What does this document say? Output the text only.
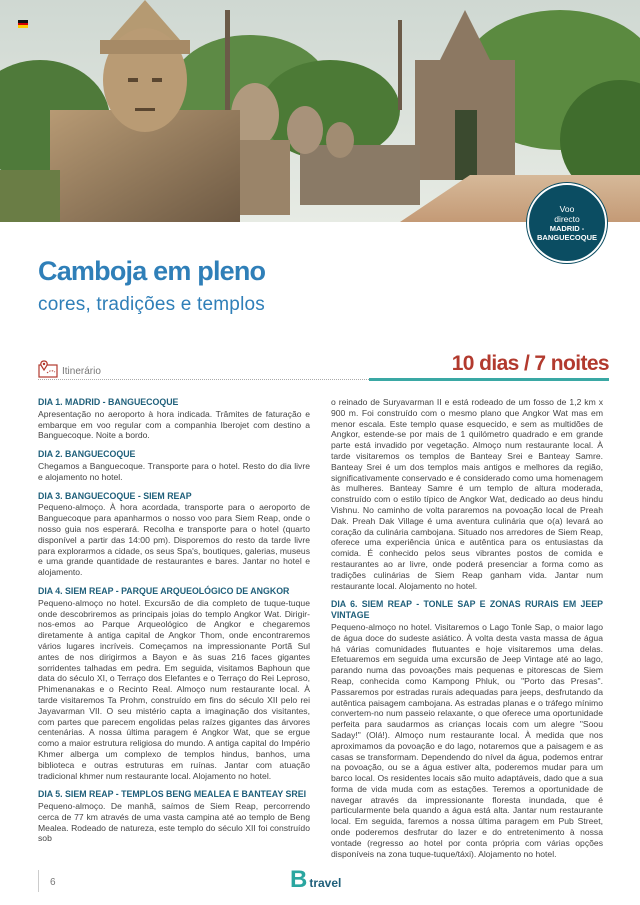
Voo
directo
MADRID -
BANGUECOQUE
Camboja em pleno
cores, tradições e templos
Itinerário	10 dias / 7 noites
DIA 1. MADRID - BANGUECOQUE

Apresentação no aeroporto à hora indicada. Trâmites de faturação e embarque em voo regular com a companhia Iberojet com destino a Banguecoque. Noite a bordo.

DIA 2. BANGUECOQUE

Chegamos a Banguecoque. Transporte para o hotel. Resto do dia livre e alojamento no hotel.

DIA 3. BANGUECOQUE - SIEM REAP

Pequeno-almoço. À hora acordada, transporte para o aeroporto de Banguecoque para apanharmos o nosso voo para Siem Reap, onde o nosso guia nos esperará. Recolha e transporte para o hotel (quarto disponível a partir das 14:00 pm). Disporemos do resto da tarde livre para explorarmos a cidade, os seus Spa's, boutiques, galerias, museus e uma grande quantidade de restaurantes e bares. Jantar no hotel e alojamento.

DIA 4. SIEM REAP - PARQUE ARQUEOLÓGICO DE ANGKOR

Pequeno-almoço no hotel. Excursão de dia completo de tuque-tuque onde descobriremos as principais joias do templo Angkor Wat. Dirigir-nos-emos ao Parque Arqueológico de Angkor e chegaremos diretamente à antiga capital de Angkor Thom, onde encontraremos vários lugares incríveis. Começamos na impressionante Portã Sul antes de nos dirigirmos a Bayon e às suas 216 faces gigantes sorridentes talhadas em pedra. Em seguida, visitamos Baphoun que data do século XI, o Terraço dos Elefantes e o Terraço do Rei Leproso, Phimenanakas e o Recinto Real. Almoço num restaurante local. À tarde visitaremos Ta Prohm, construído em fins do século XII pelo rei Jayavarman VII. O seu mistério capta a imaginação dos visitantes, com partes que parecem engolidas pelas raízes gigantes das árvores centenárias. A nossa última paragem é Angkor Wat, que se ergue como a maior estrutura religiosa do mundo. A antiga capital do Império Khmer alberga um complexo de templos hindus, banhos, uma biblioteca e outras estruturas em ruínas. Jantar com atuação tradicional khmer num restaurante local. Alojamento no hotel.

DIA 5. SIEM REAP - TEMPLOS BENG MEALEA E BANTEAY SREI

Pequeno-almoço. De manhã, saímos de Siem Reap, percorrendo cerca de 77 km através de uma vasta campina até ao templo de Beng Mealea. Rodeado de natureza, este templo do século XII foi construído sob

o reinado de Suryavarman II e está rodeado de um fosso de 1,2 km x 900 m. Foi construído com o mesmo plano que Angkor Wat mas em menor escala. Este templo quase esquecido, e sem as multidões de Angkor, estende-se por mais de 1 quilómetro quadrado e em grande parte está invadido por vegetação. Almoço num restaurante local. À tarde visitaremos os templos de Banteay Srei e Banteay Samre. Banteay Srei é um dos templos mais antigos e melhores da região, significativamente conservado e é considerado como uma homenagem às mulheres. Banteay Samre é um templo de altura moderada, construído com o estilo típico de Angkor Wat, dedicado ao deus hindu Vishnu. No caminho de volta pararemos na povoação local de Preah Dak. Preah Dak Village é uma aventura culinária que o(a) levará ao coração da culinária cambojana. Situado nos arredores de Siem Reap, oferece uma experiência única e autêntica para os entusiastas da comida. É conhecido pelos seus vibrantes postos de comida e restaurantes ao ar livre, onde poderá presenciar a forma como as tradições culinárias de Siem Reap ganham vida. Jantar num restaurante local. Alojamento no hotel.

DIA 6. SIEM REAP - TONLE SAP E ZONAS RURAIS EM JEEP VINTAGE

Pequeno-almoço no hotel. Visitaremos o Lago Tonle Sap, o maior lago de água doce do sudeste asiático. À volta desta vasta massa de água há várias comunidades flutuantes e hoje visitaremos uma delas. Efetuaremos em seguida uma excursão de Jeep Vintage até ao lago, parando numa das povoações mais pequenas e pitorescas de Siem Reap, conhecida como Kampong Phluk, ou "Porto das Presas". Passaremos por estradas rurais adequadas para jeeps, desfrutando da autêntica paisagem cambojana. As estradas planas e o tráfego mínimo convertem-no num passeio relaxante, o que oferece uma oportunidade perfeita para saudarmos as crianças locais com um alegre "Soou Saday!" (Olá!). Almoço num restaurante local. À medida que nos aproximamos da povoação e do lago, notaremos que a paisagem e as casas se transformam. Dependendo do nível da água, podemos entrar na povoação, ou se a água estiver alta, poderemos mudar para um barco local. Os residentes locais são muito adaptáveis, dado que a sua forma de vida muda com as estações. Teremos a oportunidade de navegar através da impressionante floresta inundada, que é particularmente bela quando a água está alta. Jantar num restaurante local. Em seguida, faremos a nossa última paragem em Pub Street, onde poderemos desfrutar do lazer e do entretenimento à nossa vontade (regresso ao hotel por conta própria com várias opções disponíveis na zona tuque-tuque/táxi). Alojamento no hotel.

6	B travel
